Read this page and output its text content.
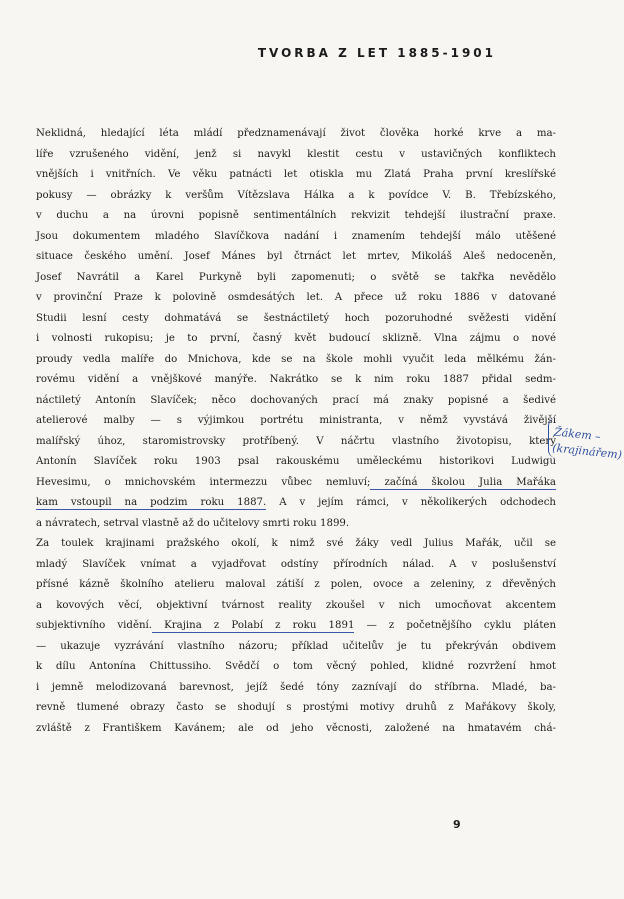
TVORBA Z LET 1885-1901
Neklidná, hledající léta mládí předznamenávají život člověka horké krve a ma-
líře vzrušeného vidění, jenž si navykl klestit cestu v ustavičných konfliktech
vnějších i vnitřních. Ve věku patnácti let otiskla mu Zlatá Praha první kreslířské
pokusy — obrázky k veršům Vítězslava Hálka a k povídce V. B. Třebízského,
v duchu a na úrovni popisně sentimentálních rekvizit tehdejší ilustrační praxe.
Jsou dokumentem mladého Slavíčkova nadání i znamením tehdejší málo utěšené
situace českého umění. Josef Mánes byl čtrnáct let mrtev, Mikoláš Aleš nedoceněn,
Josef Navrátil a Karel Purkyně byli zapomenuti; o světě se takřka nevědělo
v provinční Praze k polovině osmdesátých let. A přece už roku 1886 v datované
Studii lesní cesty dohmatává se šestnáctiletý hoch pozoruhodné svěžesti vidění
i volnosti rukopisu; je to první, časný květ budoucí sklizně. Vlna zájmu o nové
proudy vedla malíře do Mnichova, kde se na škole mohli vyučit leda mělkému žán-
rovému vidění a vnějškové manýře. Nakrátko se k nim roku 1887 přidal sedm-
náctiletý Antonín Slavíček; něco dochovaných prací má znaky popisné a šedivé
atelierové malby — s výjimkou portrétu ministranta, v němž vyvstává živější
malířský úhoz, staromistrovsky protříbený. V náčrtu vlastního životopisu, který
Antonín Slavíček roku 1903 psal rakouskému uměleckému historikovi Ludwigu
Hevesimu, o mnichovském intermezzu vůbec nemluví; začíná školou Julia Mařáka
kam vstoupil na podzim roku 1887. A v jejím rámci, v několikerých odchodech
a návratech, setrval vlastně až do učitelovy smrti roku 1899.
Za toulek krajinami pražského okolí, k nimž své žáky vedl Julius Mařák, učil se
mladý Slavíček vnímat a vyjadřovat odstíny přírodních nálad. A v poslušenství
přísné kázně školního atelieru maloval zátiší z polen, ovoce a zeleniny, z dřevěných
a kovových věcí, objektivní tvárnost reality zkoušel v nich umocňovat akcentem
subjektivního vidění. Krajina z Polabí z roku 1891 — z početnějšího cyklu pláten
— ukazuje vyzrávání vlastního názoru; příklad učitelův je tu překrýván obdivem
k dílu Antonína Chittussiho. Svědčí o tom věcný pohled, klidné rozvržení hmot
i jemně melodizovaná barevnost, jejíž šedé tóny zaznívají do stříbrna. Mladé, ba-
revně tlumené obrazy často se shodují s prostými motivy druhů z Mařákovy školy,
zvláště z Františkem Kavánem; ale od jeho věcnosti, založené na hmatavém chá-
Žákem –
(krajinářem)
9
